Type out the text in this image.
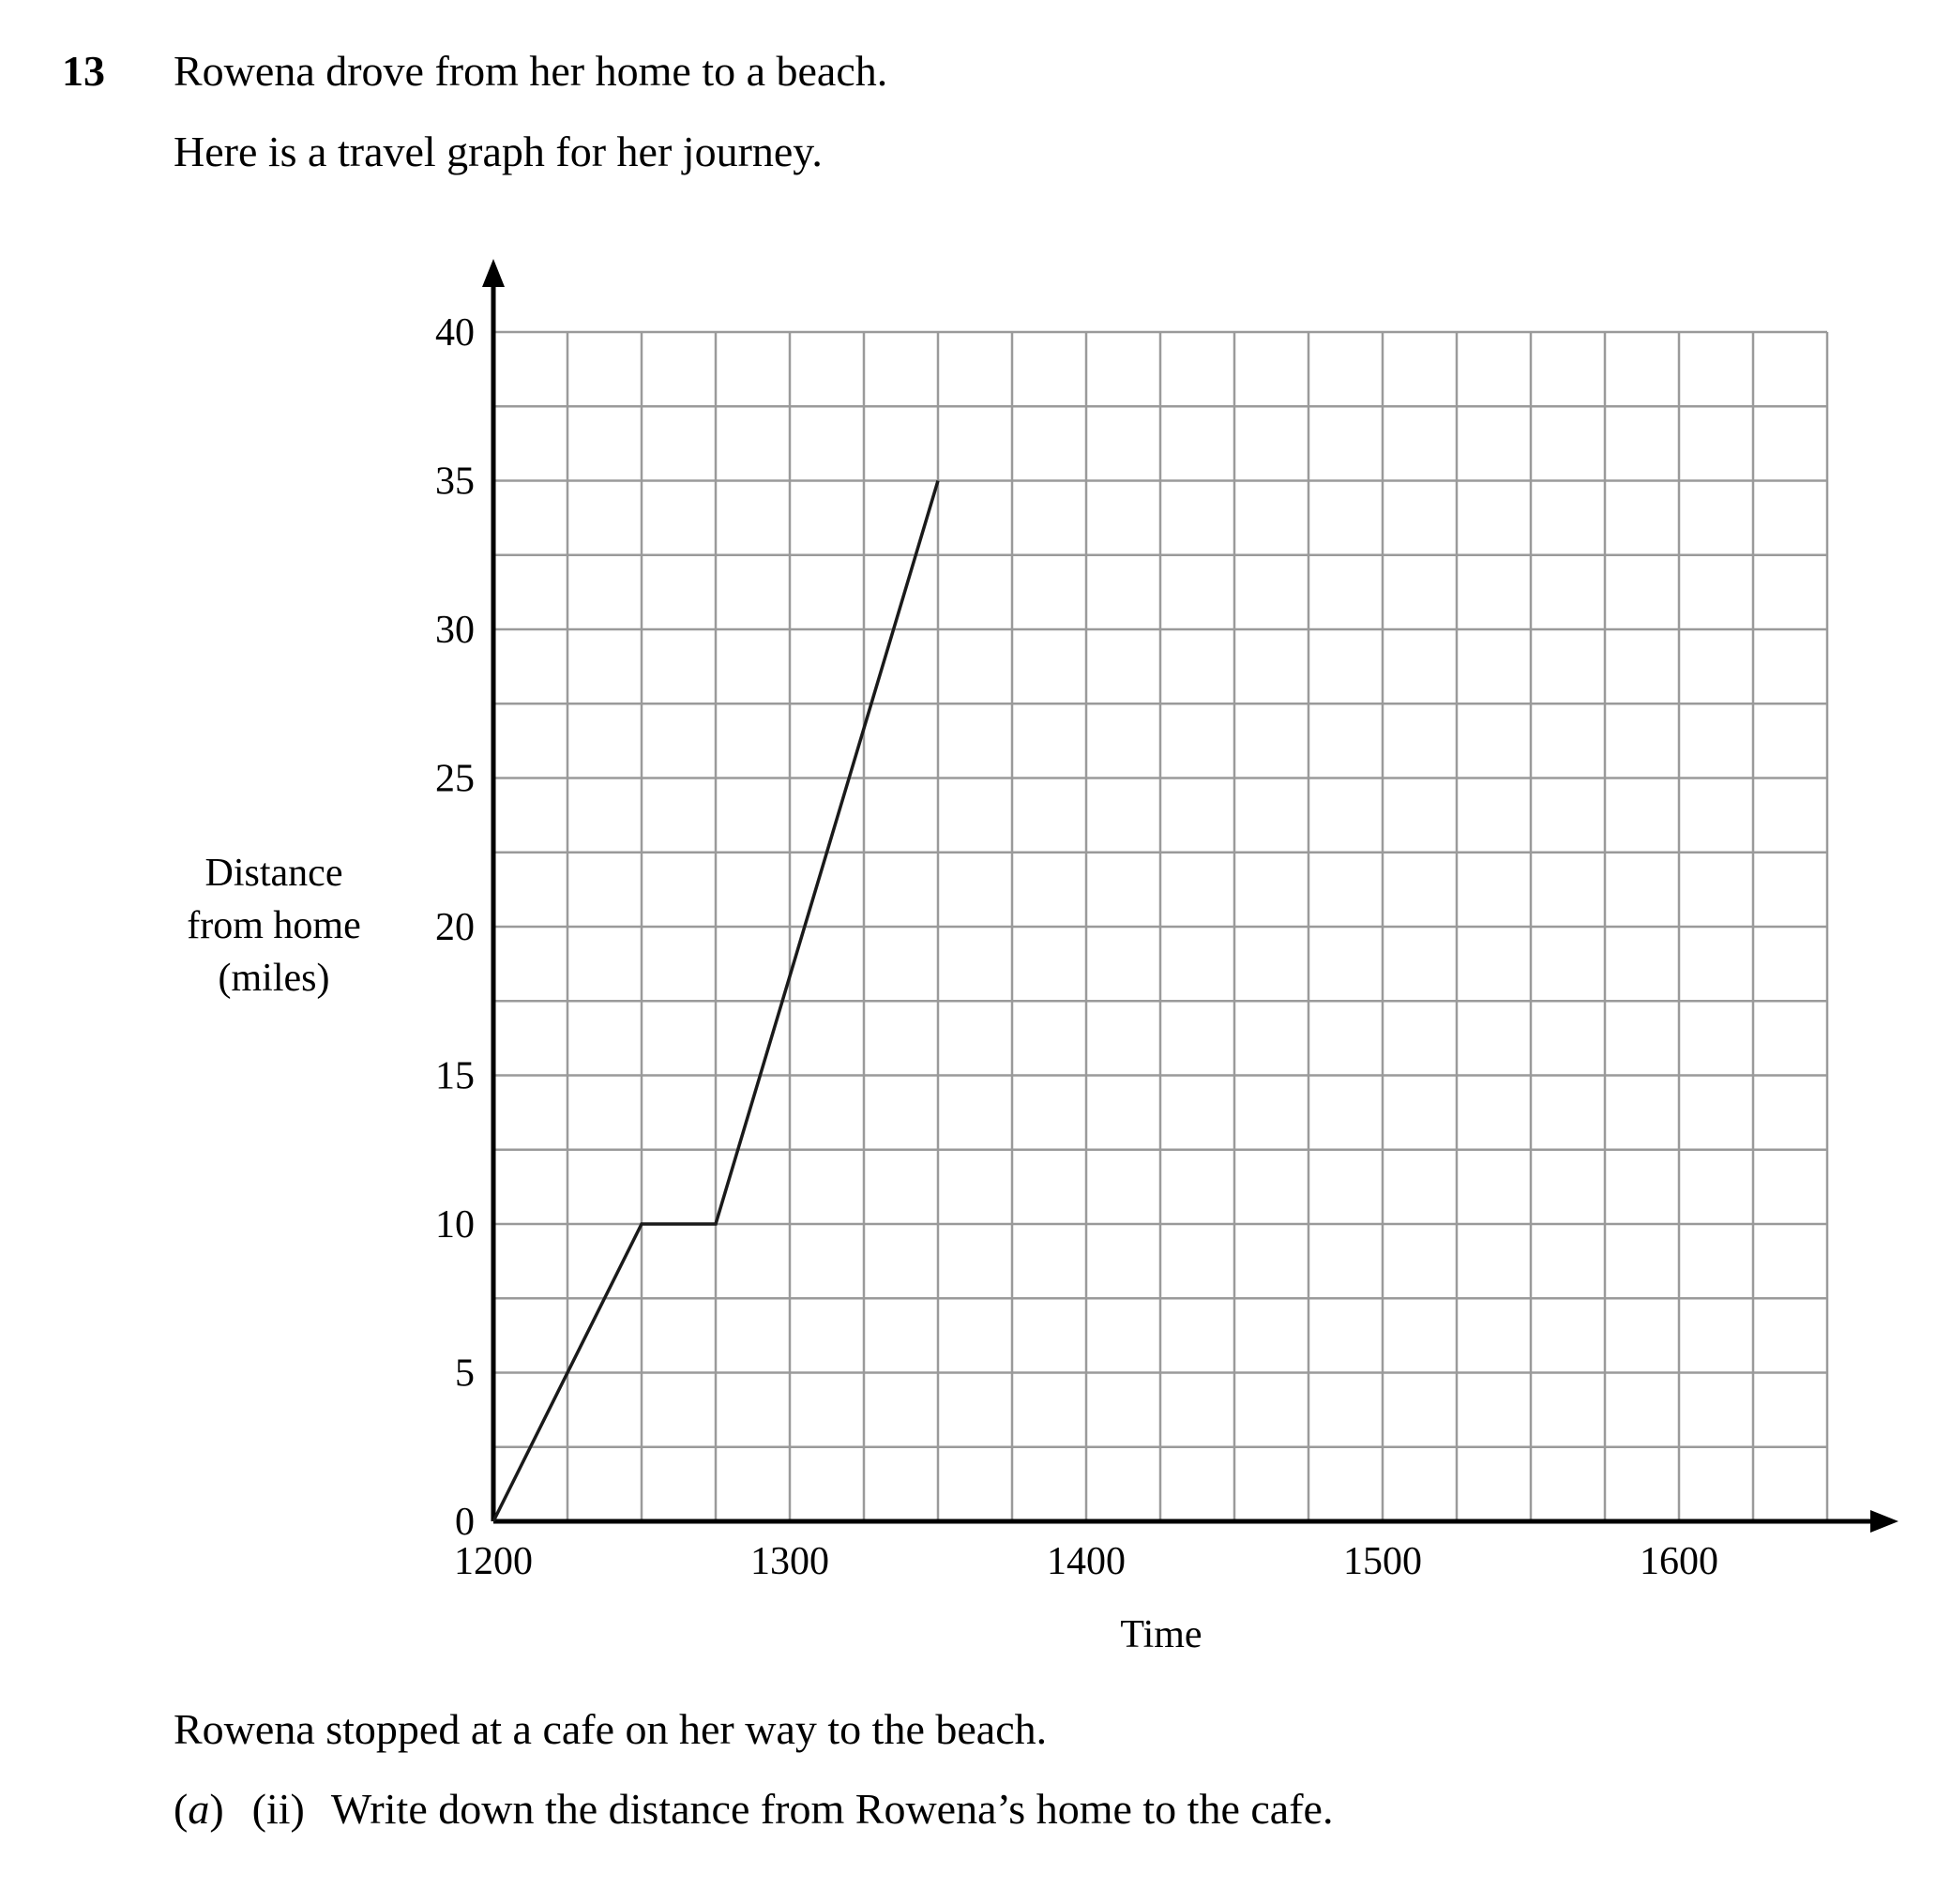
13 Rowena drove from her home to a beach.
Here is a travel graph for her journey.
0
5
10
15
20
25
30
35
40
1200	1300	1400	1500	1600
Time
Distance
from home
(miles)
Rowena stopped at a cafe on her way to the beach.
(a) (ii) Write down the distance from Rowena’s home to the cafe.
